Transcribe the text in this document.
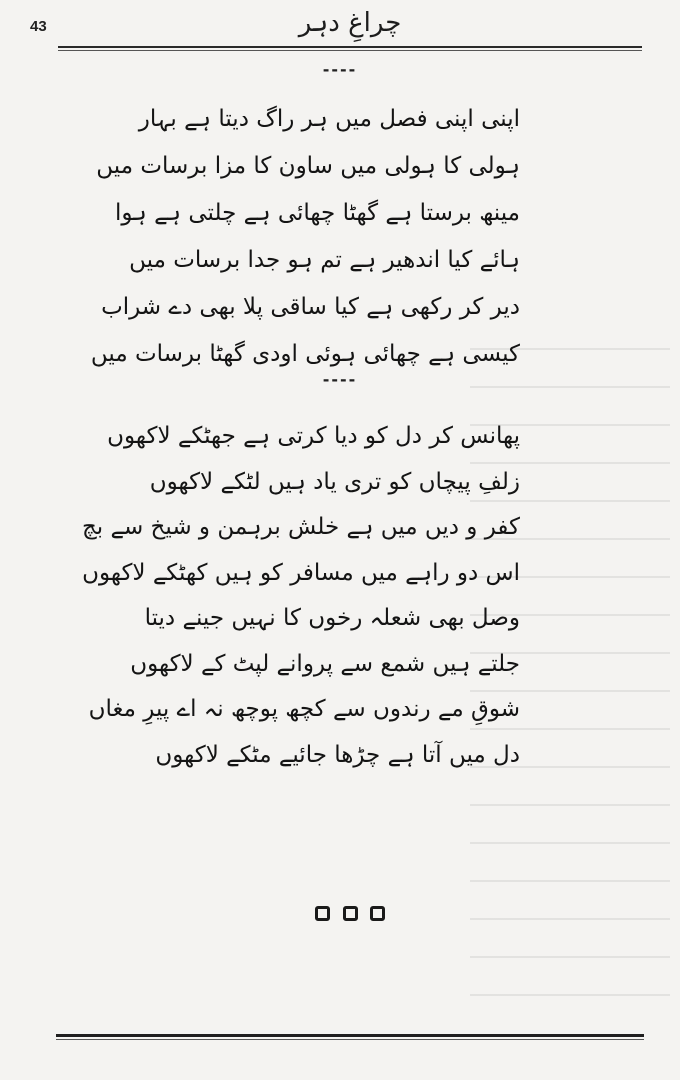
43	چراغِ دہر
----
اپنی اپنی فصل میں ہر راگ دیتا ہے بہار
ہولی کا ہولی میں ساون کا مزا برسات میں
مینھ برستا ہے گھٹا چھائی ہے چلتی ہے ہوا
ہائے کیا اندھیر ہے تم ہو جدا برسات میں
دیر کر رکھی ہے کیا ساقی پلا بھی دے شراب
کیسی ہے چھائی ہوئی اودی گھٹا برسات میں
----
پھانس کر دل کو دیا کرتی ہے جھٹکے لاکھوں
زلفِ پیچاں کو تری یاد ہیں لٹکے لاکھوں
کفر و دیں میں ہے خلش برہمن و شیخ سے بچ
اس دو راہے میں مسافر کو ہیں کھٹکے لاکھوں
وصل بھی شعلہ رخوں کا نہیں جینے دیتا
جلتے ہیں شمع سے پروانے لپٹ کے لاکھوں
شوقِ مے رندوں سے کچھ پوچھ نہ اے پیرِ مغاں
دل میں آتا ہے چڑھا جائیے مٹکے لاکھوں
